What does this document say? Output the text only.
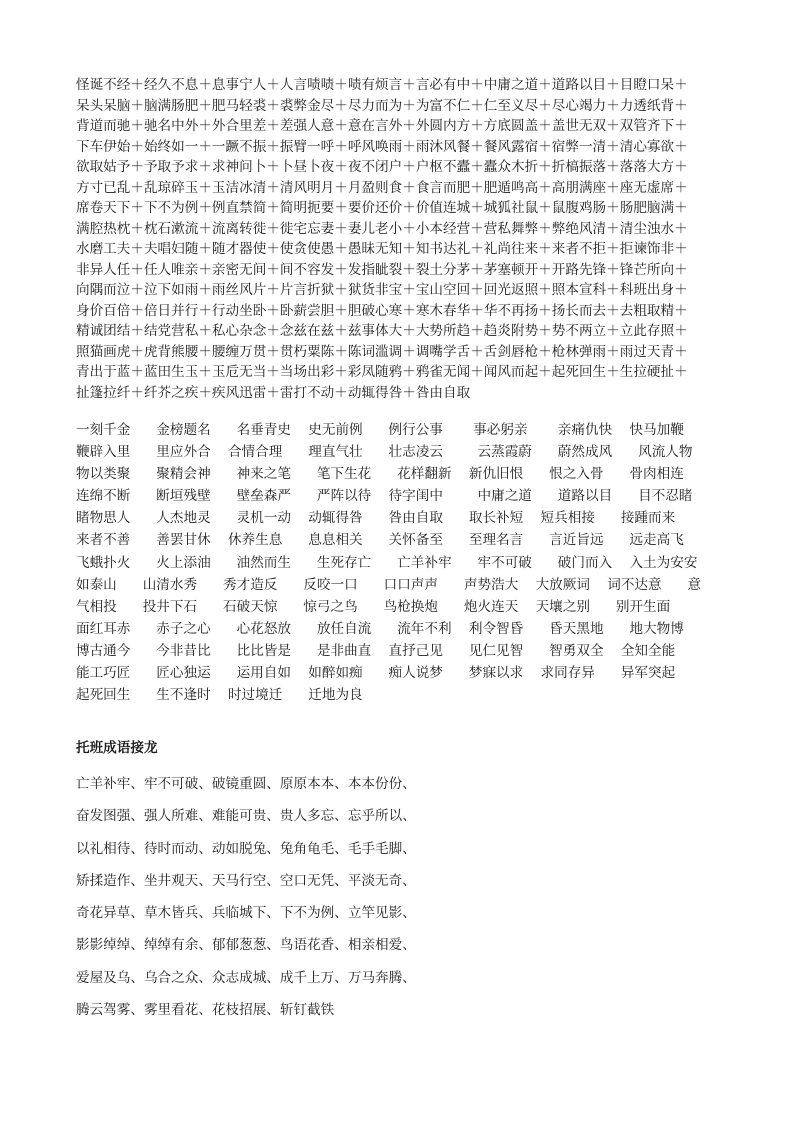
怪诞不经＋经久不息＋息事宁人＋人言啧啧＋啧有烦言＋言必有中＋中庸之道＋道路以目＋目瞪口呆＋
呆头呆脑＋脑满肠肥＋肥马轻裘＋裘弊金尽＋尽力而为＋为富不仁＋仁至义尽＋尽心竭力＋力透纸背＋
背道而驰＋驰名中外＋外合里差＋差强人意＋意在言外＋外圆内方＋方底圆盖＋盖世无双＋双管齐下＋
下车伊始＋始终如一＋一蹶不振＋振臂一呼＋呼风唤雨＋雨沐风餐＋餐风露宿＋宿弊一清＋清心寡欲＋
欲取姑予＋予取予求＋求神问卜＋卜昼卜夜＋夜不闭户＋户枢不蠹＋蠹众木折＋折槁振落＋落落大方＋
方寸已乱＋乱琼碎玉＋玉洁冰清＋清风明月＋月盈则食＋食言而肥＋肥遁鸣高＋高朋满座＋座无虚席＋
席卷天下＋下不为例＋例直禁简＋简明扼要＋要价还价＋价值连城＋城狐社鼠＋鼠腹鸡肠＋肠肥脑满＋
满腔热枕＋枕石漱流＋流离转徙＋徙宅忘妻＋妻儿老小＋小本经营＋营私舞弊＋弊绝风清＋清尘浊水＋
水磨工夫＋夫唱妇随＋随才器使＋使贪使愚＋愚昧无知＋知书达礼＋礼尚往来＋来者不拒＋拒谏饰非＋
非异人任＋任人唯亲＋亲密无间＋间不容发＋发指眦裂＋裂土分茅＋茅塞顿开＋开路先锋＋锋芒所向＋
向隅而泣＋泣下如雨＋雨丝风片＋片言折狱＋狱货非宝＋宝山空回＋回光返照＋照本宣科＋科班出身＋
身价百倍＋倍日并行＋行动坐卧＋卧薪尝胆＋胆破心寒＋寒木春华＋华不再扬＋扬长而去＋去粗取精＋
精诚团结＋结党营私＋私心杂念＋念兹在兹＋兹事体大＋大势所趋＋趋炎附势＋势不两立＋立此存照＋
照猫画虎＋虎背熊腰＋腰缠万贯＋贯朽粟陈＋陈词滥调＋调嘴学舌＋舌剑唇枪＋枪林弹雨＋雨过天青＋
青出于蓝＋蓝田生玉＋玉卮无当＋当场出彩＋彩凤随鸦＋鸦雀无闻＋闻风而起＋起死回生＋生拉硬扯＋
扯篷拉纤＋纤芥之疾＋疾风迅雷＋雷打不动＋动辄得咎＋咎由自取
一刻千金      金榜题名      名垂青史    史无前例      例行公事       事必躬亲       亲痛仇快    快马加鞭
鞭辟入里      里应外合    合情合理      理直气壮      壮志凌云        云蒸霞蔚      蔚然成风      风流人物
物以类聚      聚精会神      神来之笔      笔下生花      花样翻新    新仇旧恨      恨之入骨      骨肉相连
连绵不断      断垣残壁      壁垒森严      严阵以待    待字闺中        中庸之道      道路以目      目不忍睹
睹物思人      人杰地灵      灵机一动    动辄得咎      咎由自取      取长补短    短兵相接      接踵而来
来者不善      善罢甘休    休养生息      息息相关      关怀备至      至理名言      言近旨远      远走高飞
飞蛾扑火      火上添油      油然而生      生死存亡      亡羊补牢      牢不可破      破门而入    入土为安安
如泰山      山清水秀      秀才造反      反咬一口      口口声声      声势浩大    大放厥词    词不达意      意
气相投      投井下石      石破天惊      惊弓之鸟      鸟枪换炮      炮火连天    天壤之别      别开生面
面红耳赤      赤子之心      心花怒放      放任自流      流年不利    利令智昏      昏天黑地      地大物博
博古通今      今非昔比      比比皆是      是非曲直    直抒己见      见仁见智      智勇双全    全知全能
能工巧匠      匠心独运      运用自如    如醉如痴      痴人说梦      梦寐以求    求同存异      异军突起
起死回生      生不逢时    时过境迁      迁地为良
托班成语接龙
亡羊补牢、牢不可破、破镜重圆、原原本本、本本份份、
奋发图强、强人所难、难能可贵、贵人多忘、忘乎所以、
以礼相待、待时而动、动如脱兔、兔角龟毛、毛手毛脚、
矫揉造作、坐井观天、天马行空、空口无凭、平淡无奇、
奇花异草、草木皆兵、兵临城下、下不为例、立竿见影、
影影绰绰、绰绰有余、郁郁葱葱、鸟语花香、相亲相爱、
爱屋及乌、乌合之众、众志成城、成千上万、万马奔腾、
腾云驾雾、雾里看花、花枝招展、斩钉截铁
